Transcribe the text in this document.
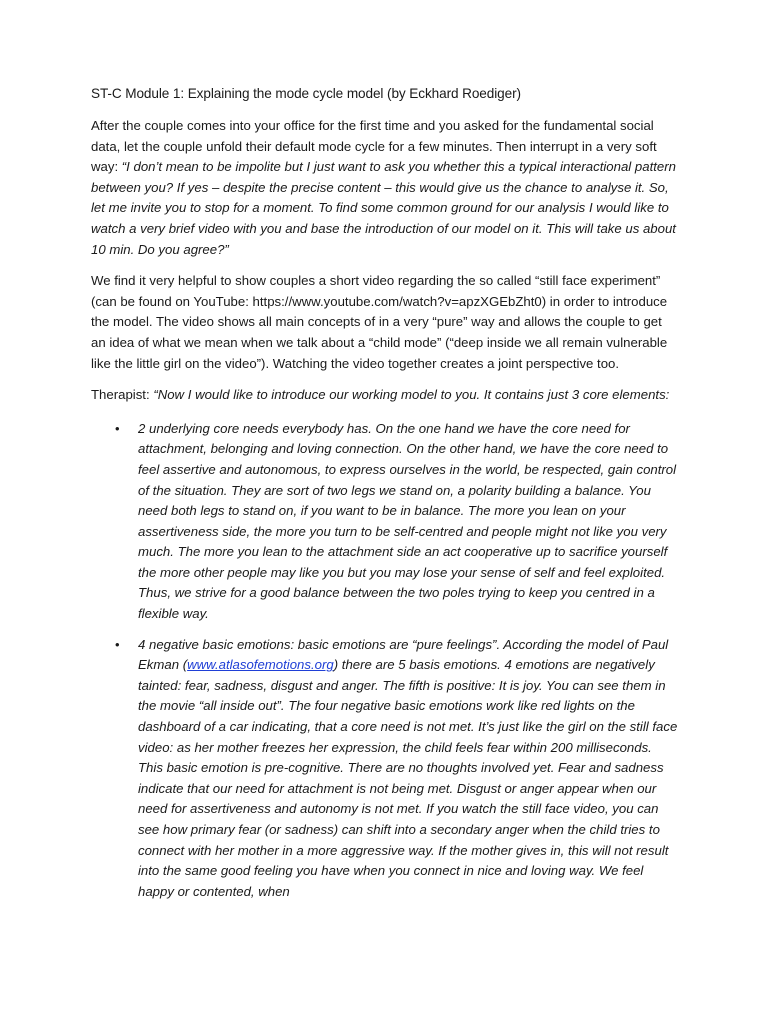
ST-C Module 1: Explaining the mode cycle model (by Eckhard Roediger)

After the couple comes into your office for the first time and you asked for the fundamental social data, let the couple unfold their default mode cycle for a few minutes. Then interrupt in a very soft way: “I don’t mean to be impolite but I just want to ask you whether this a typical interactional pattern between you? If yes – despite the precise content – this would give us the chance to analyse it. So, let me invite you to stop for a moment. To find some common ground for our analysis I would like to watch a very brief video with you and base the introduction of our model on it. This will take us about 10 min. Do you agree?”

We find it very helpful to show couples a short video regarding the so called “still face experiment” (can be found on YouTube: https://www.youtube.com/watch?v=apzXGEbZht0) in order to introduce the model. The video shows all main concepts of in a very “pure” way and allows the couple to get an idea of what we mean when we talk about a “child mode” (“deep inside we all remain vulnerable like the little girl on the video”). Watching the video together creates a joint perspective too.

Therapist: “Now I would like to introduce our working model to you. It contains just 3 core elements:

• 2 underlying core needs everybody has. On the one hand we have the core need for attachment, belonging and loving connection. On the other hand, we have the core need to feel assertive and autonomous, to express ourselves in the world, be respected, gain control of the situation. They are sort of two legs we stand on, a polarity building a balance. You need both legs to stand on, if you want to be in balance. The more you lean on your assertiveness side, the more you turn to be self-centred and people might not like you very much. The more you lean to the attachment side an act cooperative up to sacrifice yourself the more other people may like you but you may lose your sense of self and feel exploited. Thus, we strive for a good balance between the two poles trying to keep you centred in a flexible way.
• 4 negative basic emotions: basic emotions are “pure feelings”. According the model of Paul Ekman (www.atlasofemotions.org) there are 5 basis emotions. 4 emotions are negatively tainted: fear, sadness, disgust and anger. The fifth is positive: It is joy. You can see them in the movie “all inside out”. The four negative basic emotions work like red lights on the dashboard of a car indicating, that a core need is not met. It’s just like the girl on the still face video: as her mother freezes her expression, the child feels fear within 200 milliseconds. This basic emotion is pre-cognitive. There are no thoughts involved yet. Fear and sadness indicate that our need for attachment is not being met. Disgust or anger appear when our need for assertiveness and autonomy is not met. If you watch the still face video, you can see how primary fear (or sadness) can shift into a secondary anger when the child tries to connect with her mother in a more aggressive way. If the mother gives in, this will not result into the same good feeling you have when you connect in nice and loving way. We feel happy or contented, when
